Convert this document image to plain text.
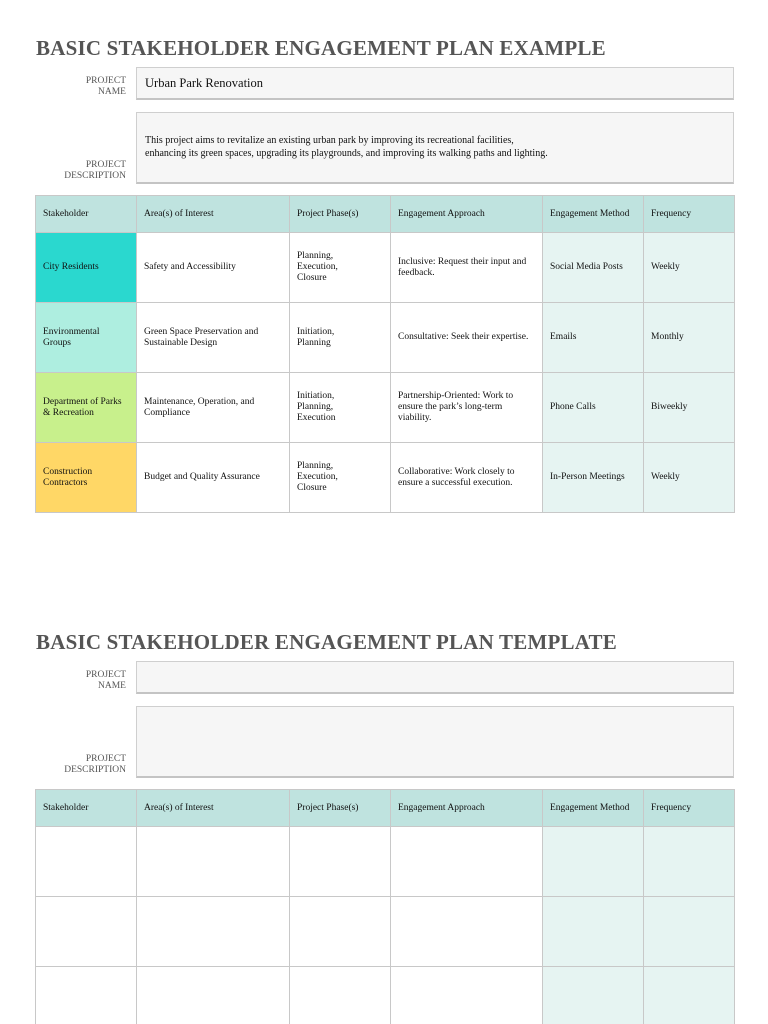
BASIC STAKEHOLDER ENGAGEMENT PLAN EXAMPLE
PROJECT
NAME
Urban Park Renovation
PROJECT
DESCRIPTION
This project aims to revitalize an existing urban park by improving its recreational facilities,
enhancing its green spaces, upgrading its playgrounds, and improving its walking paths and lighting.
Stakeholder	Area(s) of Interest	Project Phase(s)	Engagement Approach	Engagement Method	Frequency
City Residents	Safety and Accessibility	Planning,
Execution,
Closure	Inclusive: Request their input and feedback.	Social Media Posts	Weekly
Environmental Groups	Green Space Preservation and Sustainable Design	Initiation,
Planning	Consultative: Seek their expertise.	Emails	Monthly
Department of Parks & Recreation	Maintenance, Operation, and Compliance	Initiation,
Planning,
Execution	Partnership-Oriented: Work to ensure the park’s long-term viability.	Phone Calls	Biweekly
Construction Contractors	Budget and Quality Assurance	Planning,
Execution,
Closure	Collaborative: Work closely to ensure a successful execution.	In-Person Meetings	Weekly
BASIC STAKEHOLDER ENGAGEMENT PLAN TEMPLATE
PROJECT
NAME
PROJECT
DESCRIPTION
Stakeholder	Area(s) of Interest	Project Phase(s)	Engagement Approach	Engagement Method	Frequency
